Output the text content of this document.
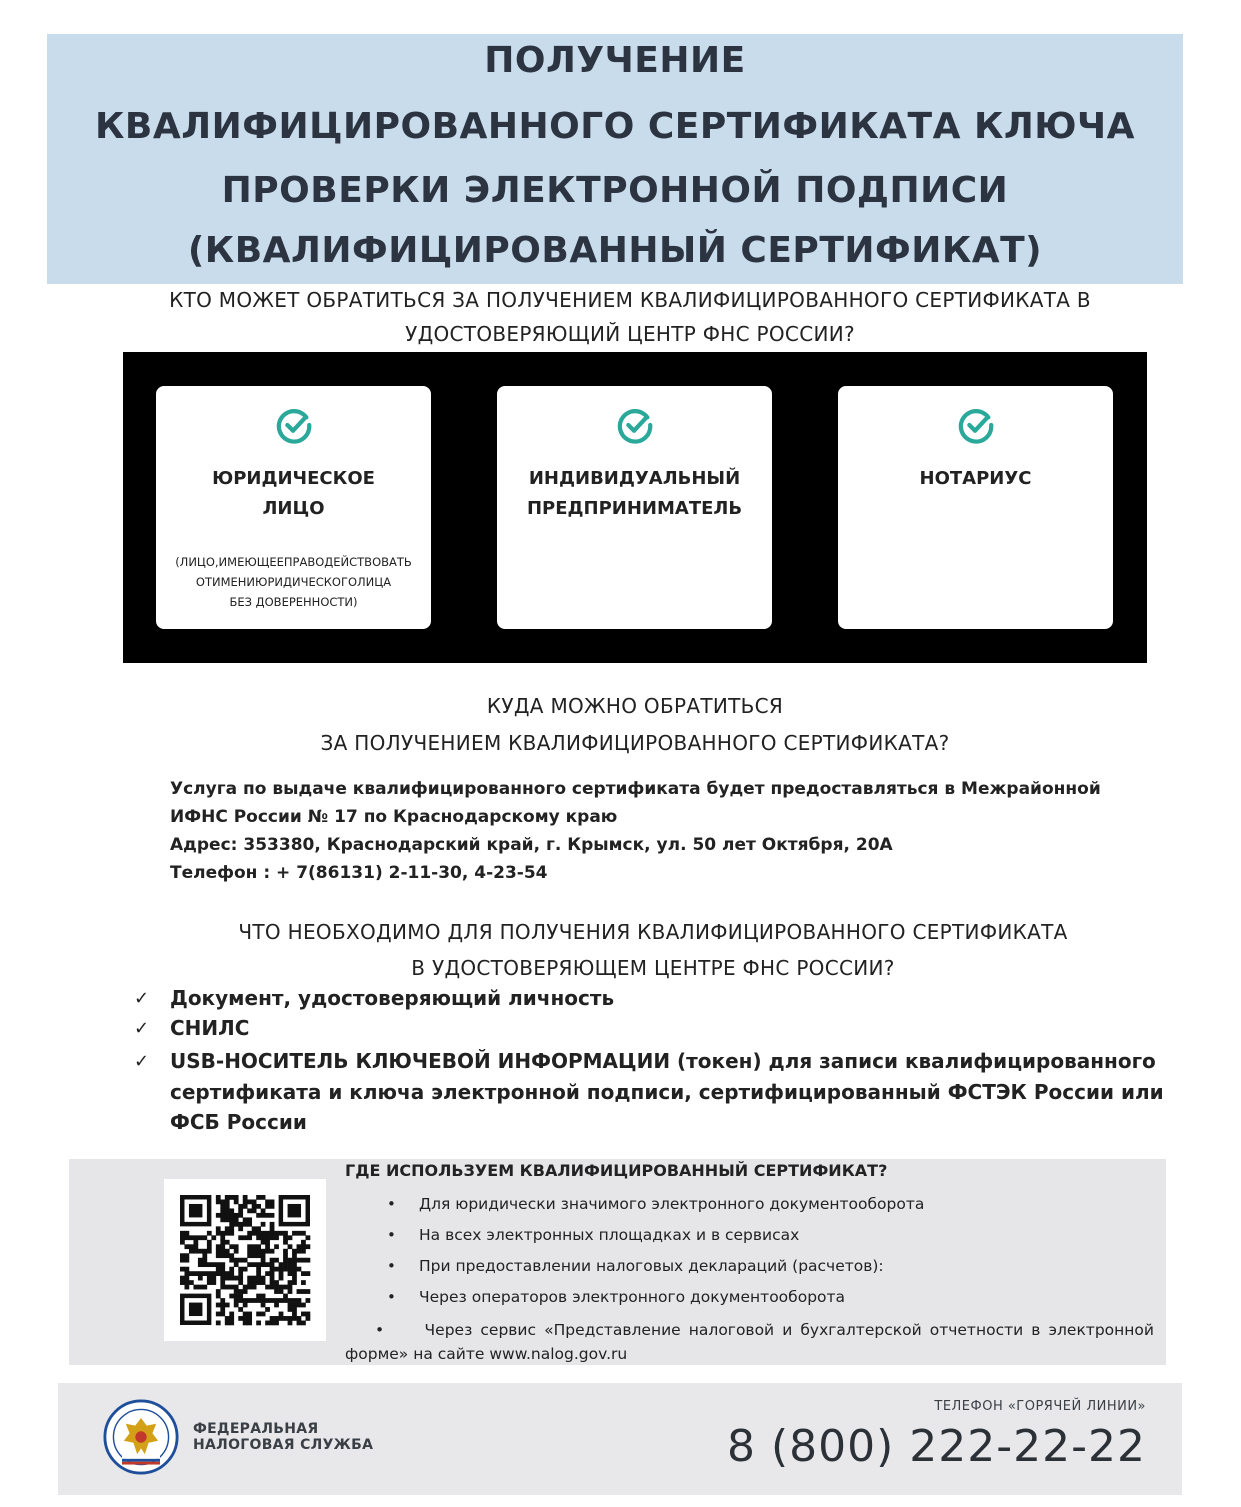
ПОЛУЧЕНИЕ
КВАЛИФИЦИРОВАННОГО СЕРТИФИКАТА КЛЮЧА
ПРОВЕРКИ ЭЛЕКТРОННОЙ ПОДПИСИ
(КВАЛИФИЦИРОВАННЫЙ СЕРТИФИКАТ)
КТО МОЖЕТ ОБРАТИТЬСЯ ЗА ПОЛУЧЕНИЕМ КВАЛИФИЦИРОВАННОГО СЕРТИФИКАТА В
УДОСТОВЕРЯЮЩИЙ ЦЕНТР ФНС РОССИИ?
ЮРИДИЧЕСКОЕ
ЛИЦО
(ЛИЦО,ИМЕЮЩЕЕПРАВОДЕЙСТВОВАТЬ
ОТИМЕНИЮРИДИЧЕСКОГОЛИЦА
БЕЗ ДОВЕРЕННОСТИ)
ИНДИВИДУАЛЬНЫЙ
ПРЕДПРИНИМАТЕЛЬ
НОТАРИУС
КУДА МОЖНО ОБРАТИТЬСЯ
ЗА ПОЛУЧЕНИЕМ КВАЛИФИЦИРОВАННОГО СЕРТИФИКАТА?
Услуга по выдаче квалифицированного сертификата будет предоставляться в Межрайонной
ИФНС России № 17 по Краснодарскому краю
Адрес: 353380, Краснодарский край, г. Крымск, ул. 50 лет Октября, 20А
Телефон : + 7(86131) 2-11-30, 4-23-54
ЧТО НЕОБХОДИМО ДЛЯ ПОЛУЧЕНИЯ КВАЛИФИЦИРОВАННОГО СЕРТИФИКАТА
В УДОСТОВЕРЯЮЩЕМ ЦЕНТРЕ ФНС РОССИИ?
✓ Документ, удостоверяющий личность
✓ СНИЛС
✓ USB-НОСИТЕЛЬ КЛЮЧЕВОЙ ИНФОРМАЦИИ (токен) для записи квалифицированного
сертификата и ключа электронной подписи, сертифицированный ФСТЭК России или
ФСБ России
ГДЕ ИСПОЛЬЗУЕМ КВАЛИФИЦИРОВАННЫЙ СЕРТИФИКАТ?
• Для юридически значимого электронного документооборота
• На всех электронных площадках и в сервисах
• При предоставлении налоговых деклараций (расчетов):
• Через операторов электронного документооборота
•	Через сервис «Представление налоговой и бухгалтерской отчетности в электронной форме» на сайте www.nalog.gov.ru
ФЕДЕРАЛЬНАЯ
НАЛОГОВАЯ СЛУЖБА
ТЕЛЕФОН «ГОРЯЧЕЙ ЛИНИИ»
8 (800) 222-22-22
